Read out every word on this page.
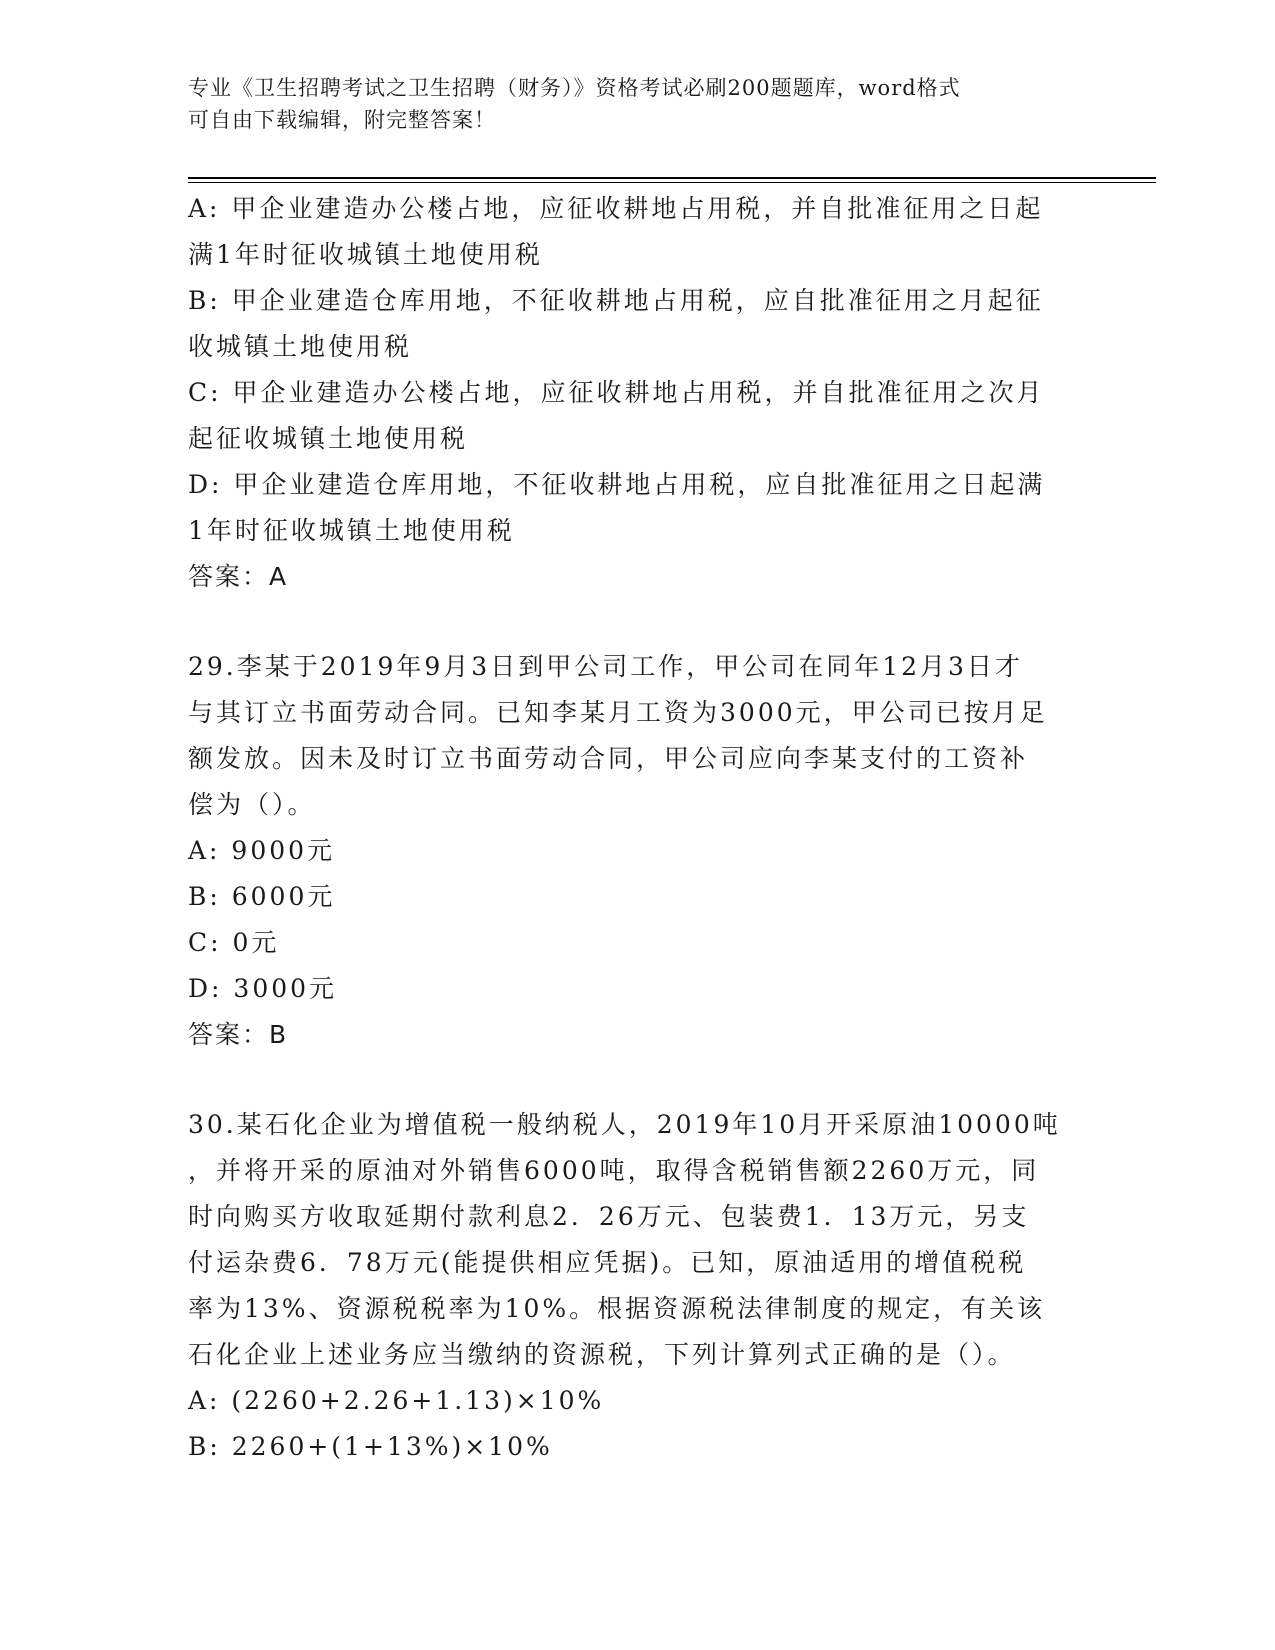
专业《卫生招聘考试之卫生招聘（财务）》资格考试必刷200题题库，word格式
可自由下载编辑，附完整答案！
A: 甲企业建造办公楼占地，应征收耕地占用税，并自批准征用之日起
满1年时征收城镇土地使用税
B: 甲企业建造仓库用地，不征收耕地占用税，应自批准征用之月起征
收城镇土地使用税
C: 甲企业建造办公楼占地，应征收耕地占用税，并自批准征用之次月
起征收城镇土地使用税
D: 甲企业建造仓库用地，不征收耕地占用税，应自批准征用之日起满
1年时征收城镇土地使用税
答案：A
29.李某于2019年9月3日到甲公司工作，甲公司在同年12月3日才
与其订立书面劳动合同。已知李某月工资为3000元，甲公司已按月足
额发放。因未及时订立书面劳动合同，甲公司应向李某支付的工资补
偿为（）。
A: 9000元
B: 6000元
C: 0元
D: 3000元
答案：B
30.某石化企业为增值税一般纳税人，2019年10月开采原油10000吨
，并将开采的原油对外销售6000吨，取得含税销售额2260万元，同
时向购买方收取延期付款利息2．26万元、包装费1．13万元，另支
付运杂费6．78万元(能提供相应凭据)。已知，原油适用的增值税税
率为13%、资源税税率为10%。根据资源税法律制度的规定，有关该
石化企业上述业务应当缴纳的资源税，下列计算列式正确的是（）。
A: (2260+2.26+1.13)×10%
B: 2260+(1+13%)×10%
